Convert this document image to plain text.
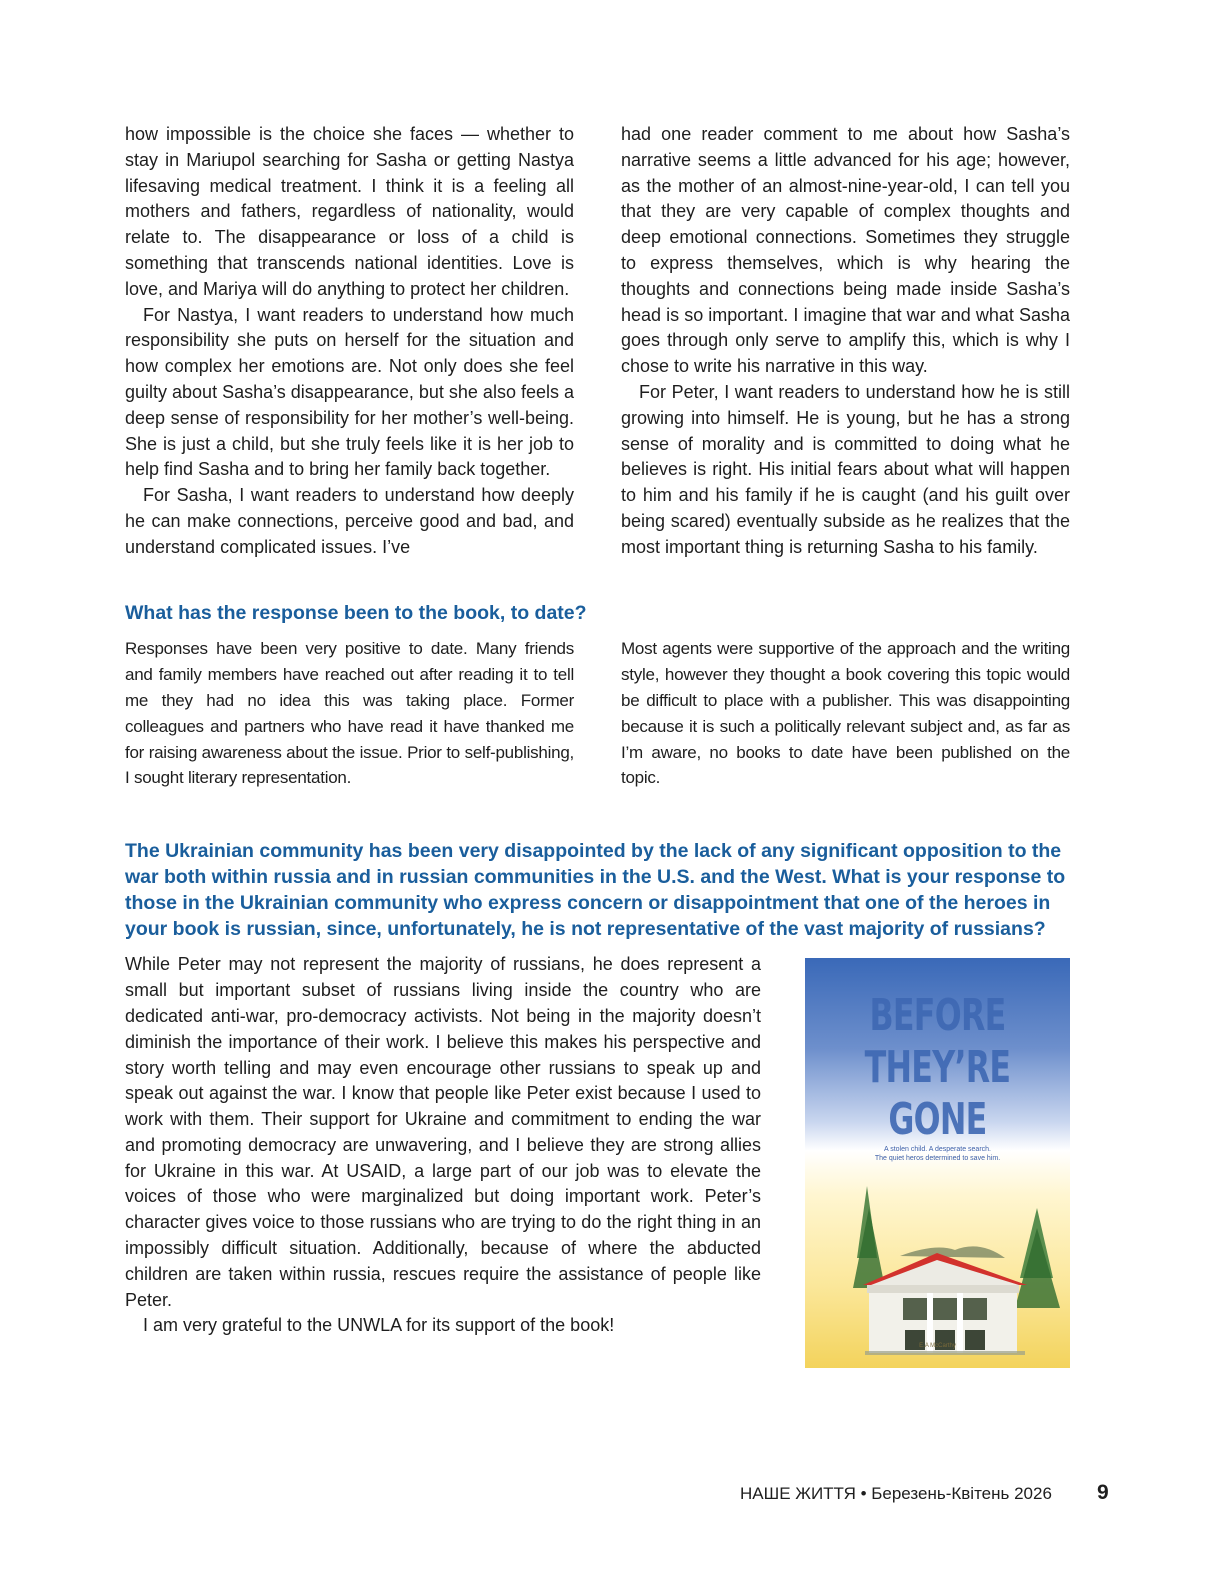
how impossible is the choice she faces — whether to stay in Mariupol searching for Sasha or getting Nastya lifesaving medical treatment. I think it is a feeling all mothers and fathers, regardless of nationality, would relate to. The disappearance or loss of a child is something that transcends national identities. Love is love, and Mariya will do anything to protect her children.

For Nastya, I want readers to understand how much responsibility she puts on herself for the situation and how complex her emotions are. Not only does she feel guilty about Sasha’s disappearance, but she also feels a deep sense of responsibility for her mother’s well-being. She is just a child, but she truly feels like it is her job to help find Sasha and to bring her family back together.

For Sasha, I want readers to understand how deeply he can make connections, perceive good and bad, and understand complicated issues. I’ve

had one reader comment to me about how Sasha’s narrative seems a little advanced for his age; however, as the mother of an almost-nine-year-old, I can tell you that they are very capable of complex thoughts and deep emotional connections. Sometimes they struggle to express themselves, which is why hearing the thoughts and connections being made inside Sasha’s head is so important. I imagine that war and what Sasha goes through only serve to amplify this, which is why I chose to write his narrative in this way.

For Peter, I want readers to understand how he is still growing into himself. He is young, but he has a strong sense of morality and is committed to doing what he believes is right. His initial fears about what will happen to him and his family if he is caught (and his guilt over being scared) eventually subside as he realizes that the most important thing is returning Sasha to his family.

What has the response been to the book, to date?

Responses have been very positive to date. Many friends and family members have reached out after reading it to tell me they had no idea this was taking place. Former colleagues and partners who have read it have thanked me for raising awareness about the issue. Prior to self-publishing, I sought literary representation.

Most agents were supportive of the approach and the writing style, however they thought a book covering this topic would be difficult to place with a publisher. This was disappointing because it is such a politically relevant subject and, as far as I’m aware, no books to date have been published on the topic.

The Ukrainian community has been very disappointed by the lack of any significant opposition to the war both within russia and in russian communities in the U.S. and the West. What is your response to those in the Ukrainian community who express concern or disappointment that one of the heroes in your book is russian, since, unfortunately, he is not representative of the vast majority of russians?

While Peter may not represent the majority of russians, he does represent a small but important subset of russians living inside the country who are dedicated anti-war, pro-democracy activists. Not being in the majority doesn’t diminish the importance of their work. I believe this makes his perspective and story worth telling and may even encourage other russians to speak up and speak out against the war. I know that people like Peter exist because I used to work with them. Their support for Ukraine and commitment to ending the war and promoting democracy are unwavering, and I believe they are strong allies for Ukraine in this war. At USAID, a large part of our job was to elevate the voices of those who were marginalized but doing important work. Peter’s character gives voice to those russians who are trying to do the right thing in an impossibly difficult situation. Additionally, because of where the abducted children are taken within russia, rescues require the assistance of people like Peter.

I am very grateful to the UNWLA for its support of the book!

BEFORE
THEY’RE
GONE
A stolen child. A desperate search.
The quiet heros determined to save him.
E.A McCarthy
НАШЕ ЖИТТЯ • Березень-Квітень 2026 9
